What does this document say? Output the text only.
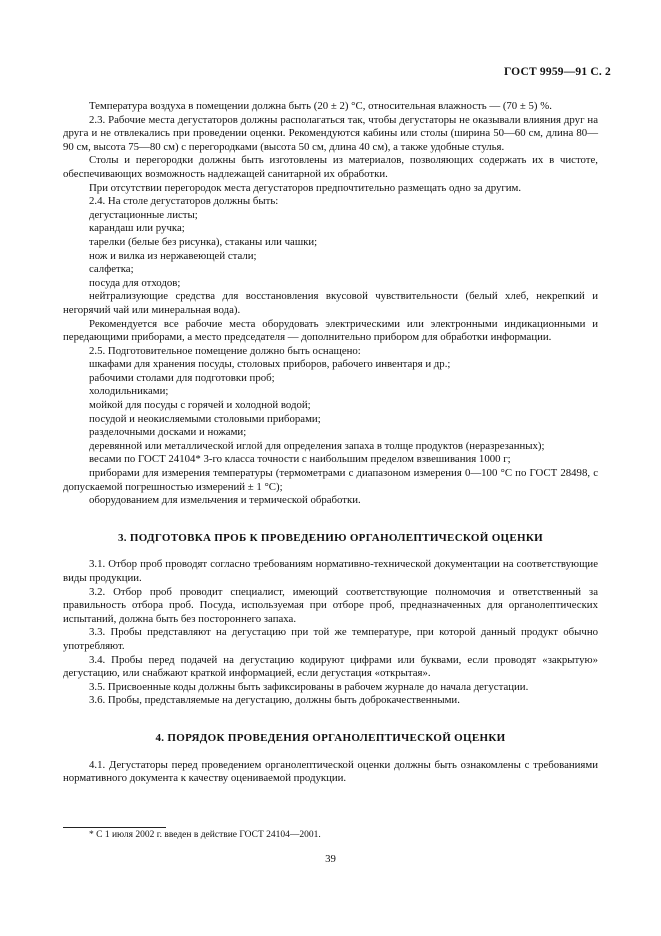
ГОСТ 9959—91 С. 2

Температура воздуха в помещении должна быть (20 ± 2) °С, относительная влажность — (70 ± 5) %.

2.3. Рабочие места дегустаторов должны располагаться так, чтобы дегустаторы не оказывали влияния друг на друга и не отвлекались при проведении оценки. Рекомендуются кабины или столы (ширина 50—60 см, длина 80—90 см, высота 75—80 см) с перегородками (высота 50 см, длина 40 см), а также удобные стулья.

Столы и перегородки должны быть изготовлены из материалов, позволяющих содержать их в чистоте, обеспечивающих возможность надлежащей санитарной их обработки.

При отсутствии перегородок места дегустаторов предпочтительно размещать одно за другим.

2.4. На столе дегустаторов должны быть:

дегустационные листы;

карандаш или ручка;

тарелки (белые без рисунка), стаканы или чашки;

нож и вилка из нержавеющей стали;

салфетка;

посуда для отходов;

нейтрализующие средства для восстановления вкусовой чувствительности (белый хлеб, некрепкий и негорячий чай или минеральная вода).

Рекомендуется все рабочие места оборудовать электрическими или электронными индикационными и передающими приборами, а место председателя — дополнительно прибором для обработки информации.

2.5. Подготовительное помещение должно быть оснащено:

шкафами для хранения посуды, столовых приборов, рабочего инвентаря и др.;

рабочими столами для подготовки проб;

холодильниками;

мойкой для посуды с горячей и холодной водой;

посудой и неокисляемыми столовыми приборами;

разделочными досками и ножами;

деревянной или металлической иглой для определения запаха в толще продуктов (неразрезанных);

весами по ГОСТ 24104* 3-го класса точности с наибольшим пределом взвешивания 1000 г;

приборами для измерения температуры (термометрами с диапазоном измерения 0—100 °С по ГОСТ 28498, с допускаемой погрешностью измерений ± 1 °С);

оборудованием для измельчения и термической обработки.

3. ПОДГОТОВКА ПРОБ К ПРОВЕДЕНИЮ ОРГАНОЛЕПТИЧЕСКОЙ ОЦЕНКИ

3.1. Отбор проб проводят согласно требованиям нормативно-технической документации на соответствующие виды продукции.

3.2. Отбор проб проводит специалист, имеющий соответствующие полномочия и ответственный за правильность отбора проб. Посуда, используемая при отборе проб, предназначенных для органолептических испытаний, должна быть без постороннего запаха.

3.3. Пробы представляют на дегустацию при той же температуре, при которой данный продукт обычно употребляют.

3.4. Пробы перед подачей на дегустацию кодируют цифрами или буквами, если проводят «закрытую» дегустацию, или снабжают краткой информацией, если дегустация «открытая».

3.5. Присвоенные коды должны быть зафиксированы в рабочем журнале до начала дегустации.

3.6. Пробы, представляемые на дегустацию, должны быть доброкачественными.

4. ПОРЯДОК ПРОВЕДЕНИЯ ОРГАНОЛЕПТИЧЕСКОЙ ОЦЕНКИ

4.1. Дегустаторы перед проведением органолептической оценки должны быть ознакомлены с требованиями нормативного документа к качеству оцениваемой продукции.

* С 1 июля 2002 г. введен в действие ГОСТ 24104—2001.
39
